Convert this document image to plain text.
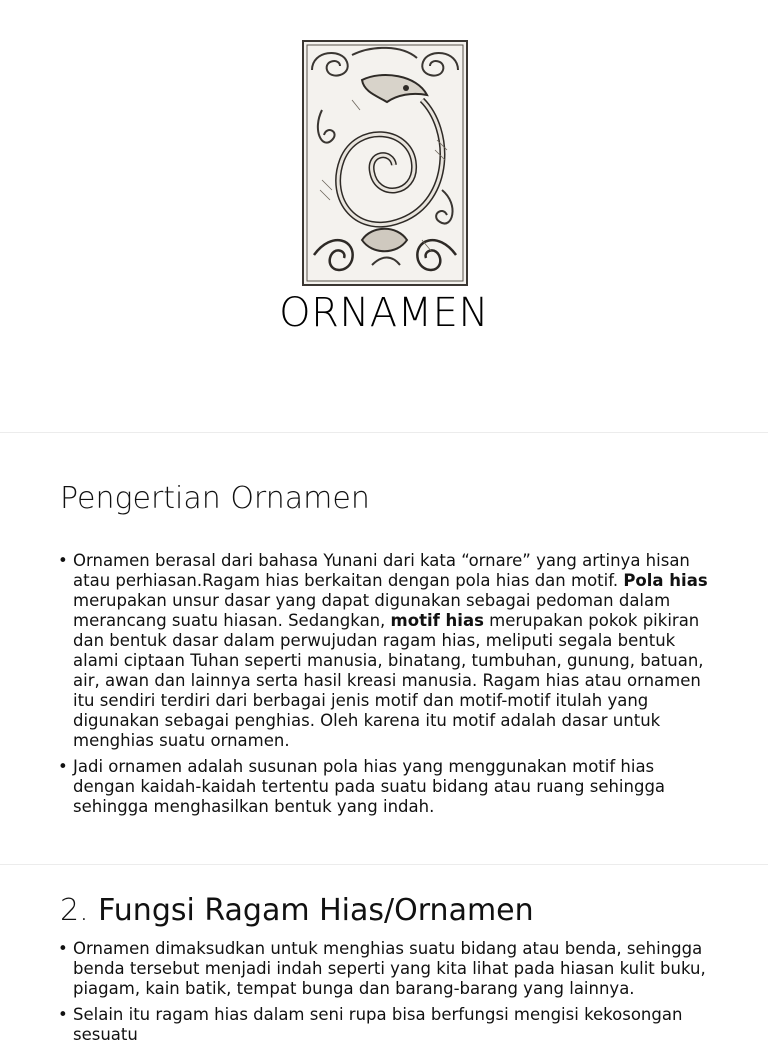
ORNAMEN
Pengertian Ornamen
• Ornamen berasal dari bahasa Yunani dari kata “ornare” yang artinya hisan atau perhiasan.Ragam hias berkaitan dengan pola hias dan motif. Pola hias merupakan unsur dasar yang dapat digunakan sebagai pedoman dalam merancang suatu hiasan. Sedangkan, motif hias merupakan pokok pikiran dan bentuk dasar dalam perwujudan ragam hias, meliputi segala bentuk alami ciptaan Tuhan seperti manusia, binatang, tumbuhan, gunung, batuan, air, awan dan lainnya serta hasil kreasi manusia. Ragam hias atau ornamen itu sendiri terdiri dari berbagai jenis motif dan motif-motif itulah yang digunakan sebagai penghias. Oleh karena itu motif adalah dasar untuk menghias suatu ornamen.
• Jadi ornamen adalah susunan pola hias yang menggunakan motif hias dengan kaidah-kaidah tertentu pada suatu bidang atau ruang sehingga sehingga menghasilkan bentuk yang indah.
2. Fungsi Ragam Hias/Ornamen
• Ornamen dimaksudkan untuk menghias suatu bidang atau benda, sehingga benda tersebut menjadi indah seperti yang kita lihat pada hiasan kulit buku, piagam, kain batik, tempat bunga dan barang-barang yang lainnya.
• Selain itu ragam hias dalam seni rupa bisa berfungsi mengisi kekosongan sesuatu
